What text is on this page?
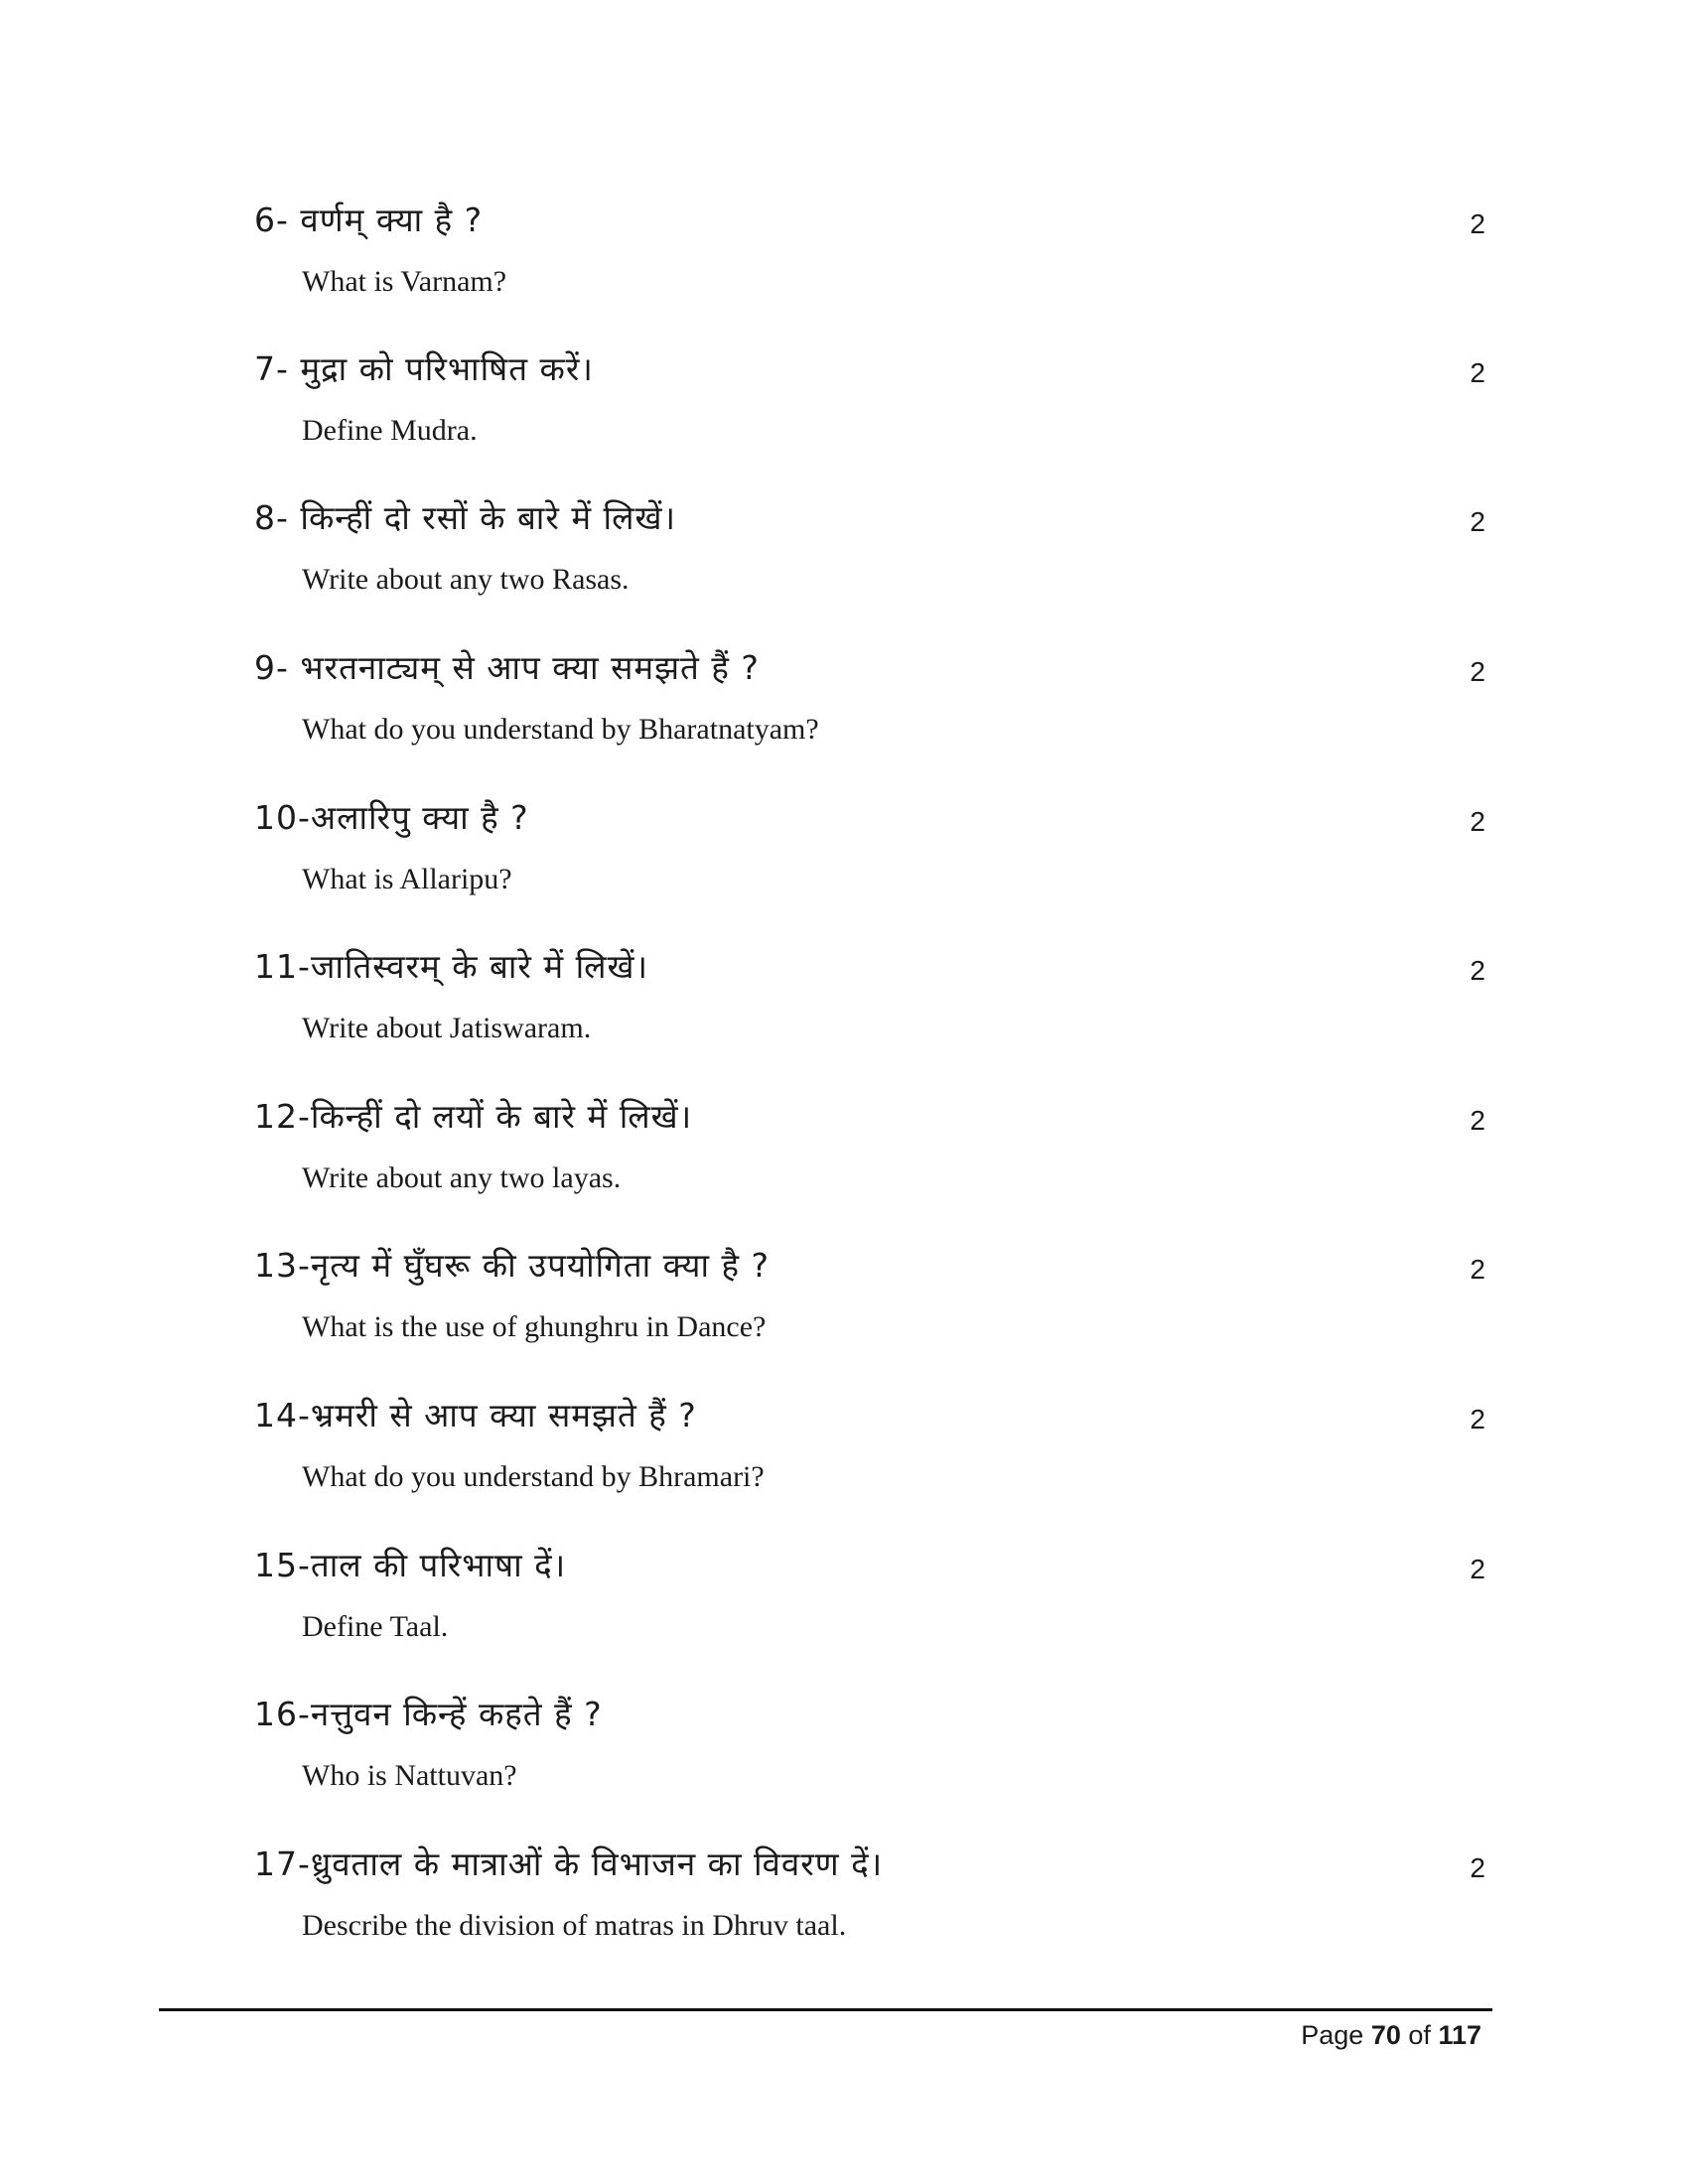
6- वर्णम् क्या है ?	2
What is Varnam?
7- मुद्रा को परिभाषित करें।	2
Define Mudra.
8- किन्हीं दो रसों के बारे में लिखें।	2
Write about any two Rasas.
9- भरतनाट्यम् से आप क्या समझते हैं ?	2
What do you understand by Bharatnatyam?
10-अलारिपु क्या है ?	2
What is Allaripu?
11-जातिस्वरम् के बारे में लिखें।	2
Write about Jatiswaram.
12-किन्हीं दो लयों के बारे में लिखें।	2
Write about any two layas.
13-नृत्य में घुँघरू की उपयोगिता क्या है ?	2
What is the use of ghunghru in Dance?
14-भ्रमरी से आप क्या समझते हैं ?	2
What do you understand by Bhramari?
15-ताल की परिभाषा दें।	2
Define Taal.
16-नत्तुवन किन्हें कहते हैं ?
Who is Nattuvan?
17-ध्रुवताल के मात्राओं के विभाजन का विवरण दें।	2
Describe the division of matras in Dhruv taal.
Page 70 of 117
